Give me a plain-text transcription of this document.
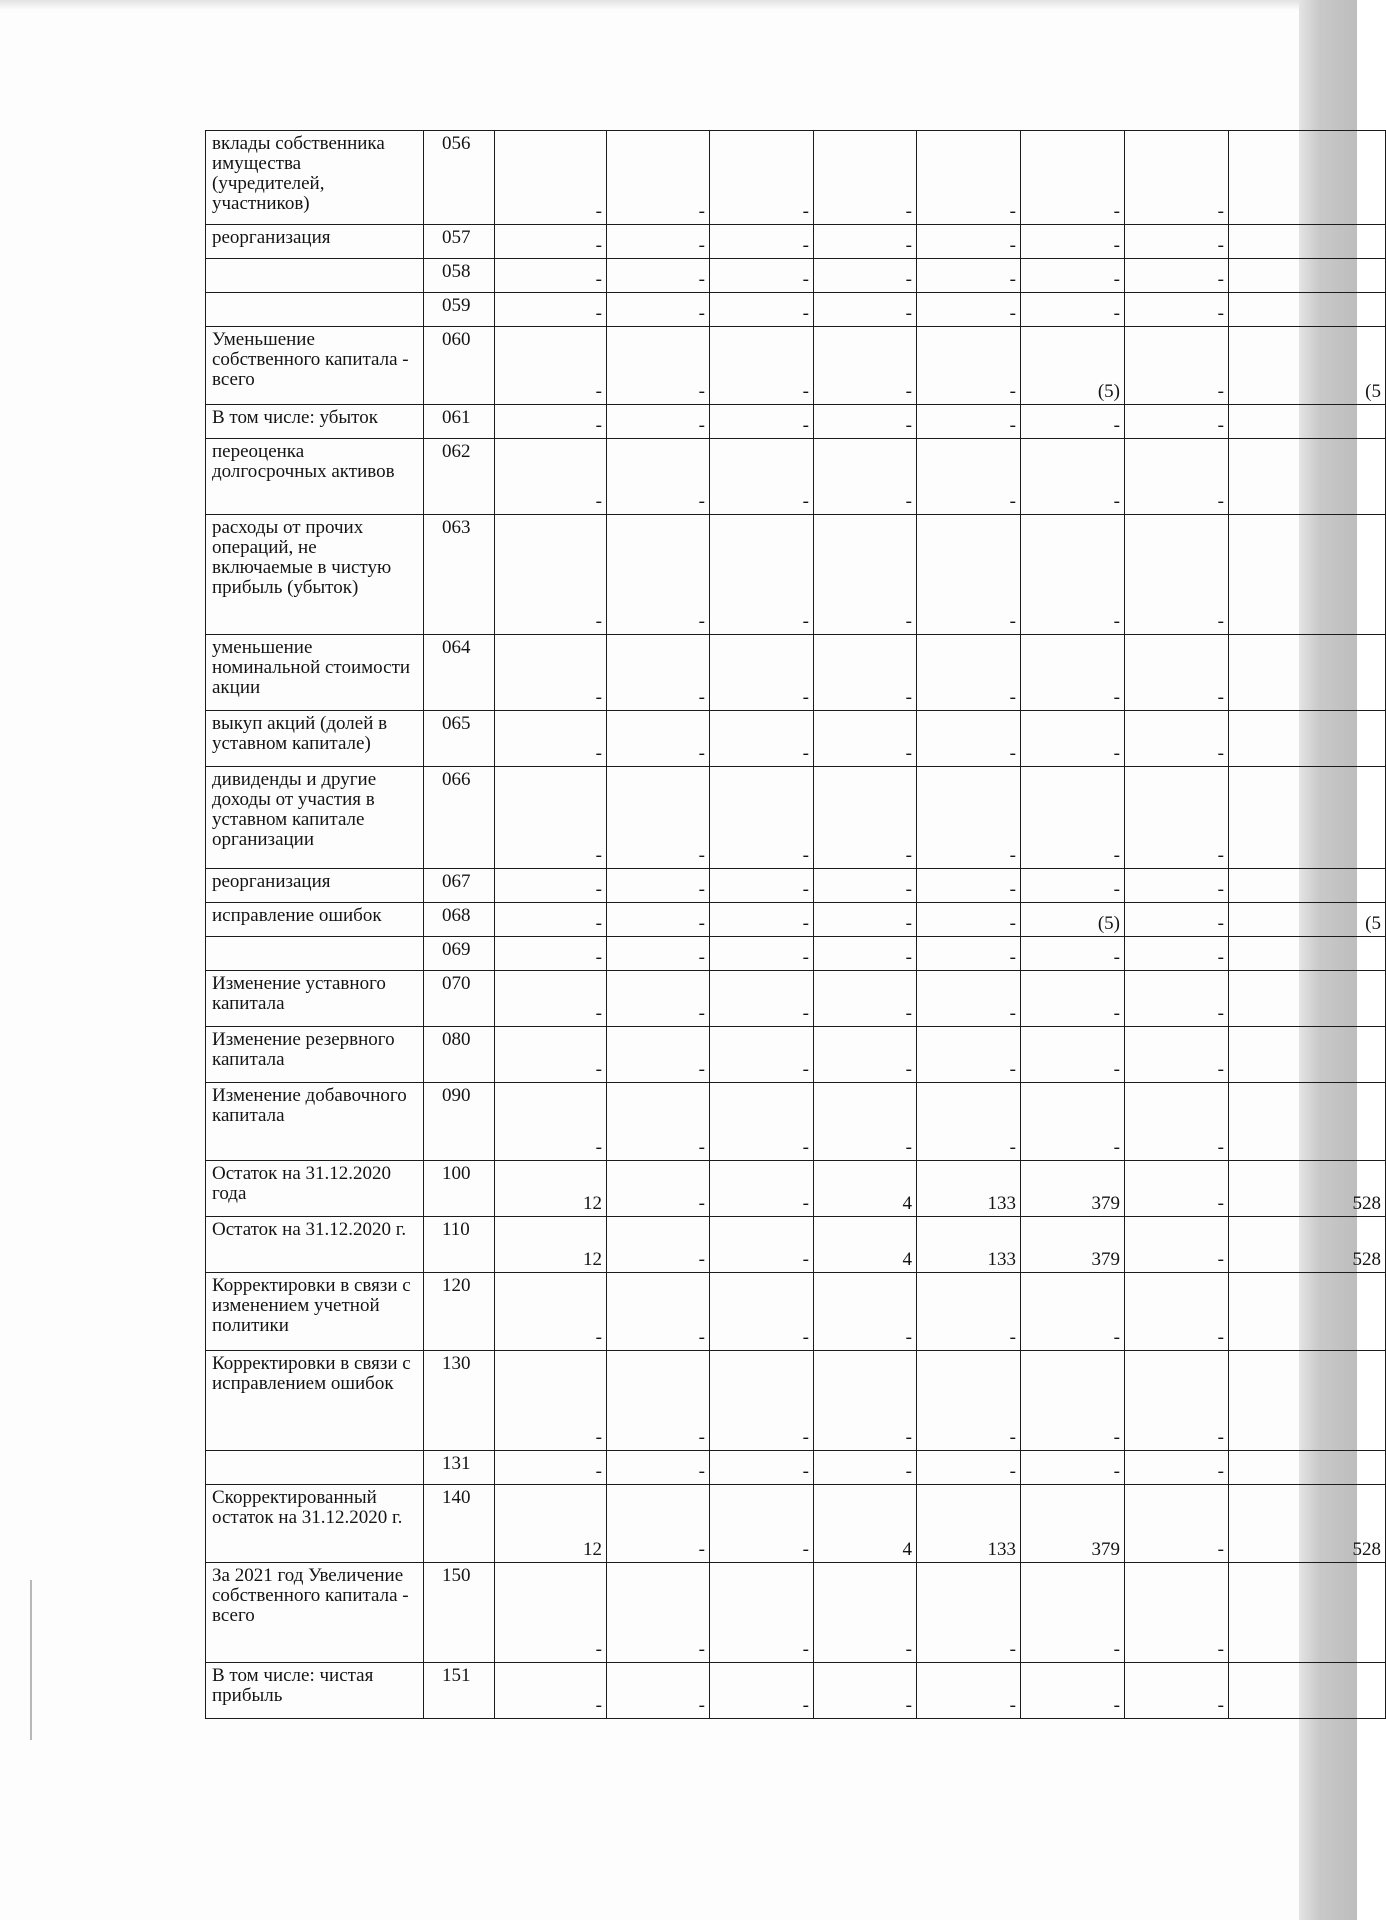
вклады собственника имущества (учредителей, участников)	056	-	-	-	-	-	-	-	
реорганизация	057	-	-	-	-	-	-	-	
	058	-	-	-	-	-	-	-	
	059	-	-	-	-	-	-	-	
Уменьшение собственного капитала - всего	060	-	-	-	-	-	(5)	-	(5
В том числе: убыток	061	-	-	-	-	-	-	-	
переоценка долгосрочных активов	062	-	-	-	-	-	-	-	
расходы от прочих операций, не включаемые в чистую прибыль (убыток)	063	-	-	-	-	-	-	-	
уменьшение номинальной стоимости акции	064	-	-	-	-	-	-	-	
выкуп акций (долей в уставном капитале)	065	-	-	-	-	-	-	-	
дивиденды и другие доходы от участия в уставном капитале организации	066	-	-	-	-	-	-	-	
реорганизация	067	-	-	-	-	-	-	-	
исправление ошибок	068	-	-	-	-	-	(5)	-	(5
	069	-	-	-	-	-	-	-	
Изменение уставного капитала	070	-	-	-	-	-	-	-	
Изменение резервного капитала	080	-	-	-	-	-	-	-	
Изменение добавочного капитала	090	-	-	-	-	-	-	-	
Остаток на 31.12.2020 года	100	12	-	-	4	133	379	-	528
Остаток на 31.12.2020 г.	110	12	-	-	4	133	379	-	528
Корректировки в связи с изменением учетной политики	120	-	-	-	-	-	-	-	
Корректировки в связи с исправлением ошибок	130	-	-	-	-	-	-	-	
	131	-	-	-	-	-	-	-	
Скорректированный остаток на 31.12.2020 г.	140	12	-	-	4	133	379	-	528
За 2021 год Увеличение собственного капитала - всего	150	-	-	-	-	-	-	-	
В том числе: чистая прибыль	151	-	-	-	-	-	-	-	
